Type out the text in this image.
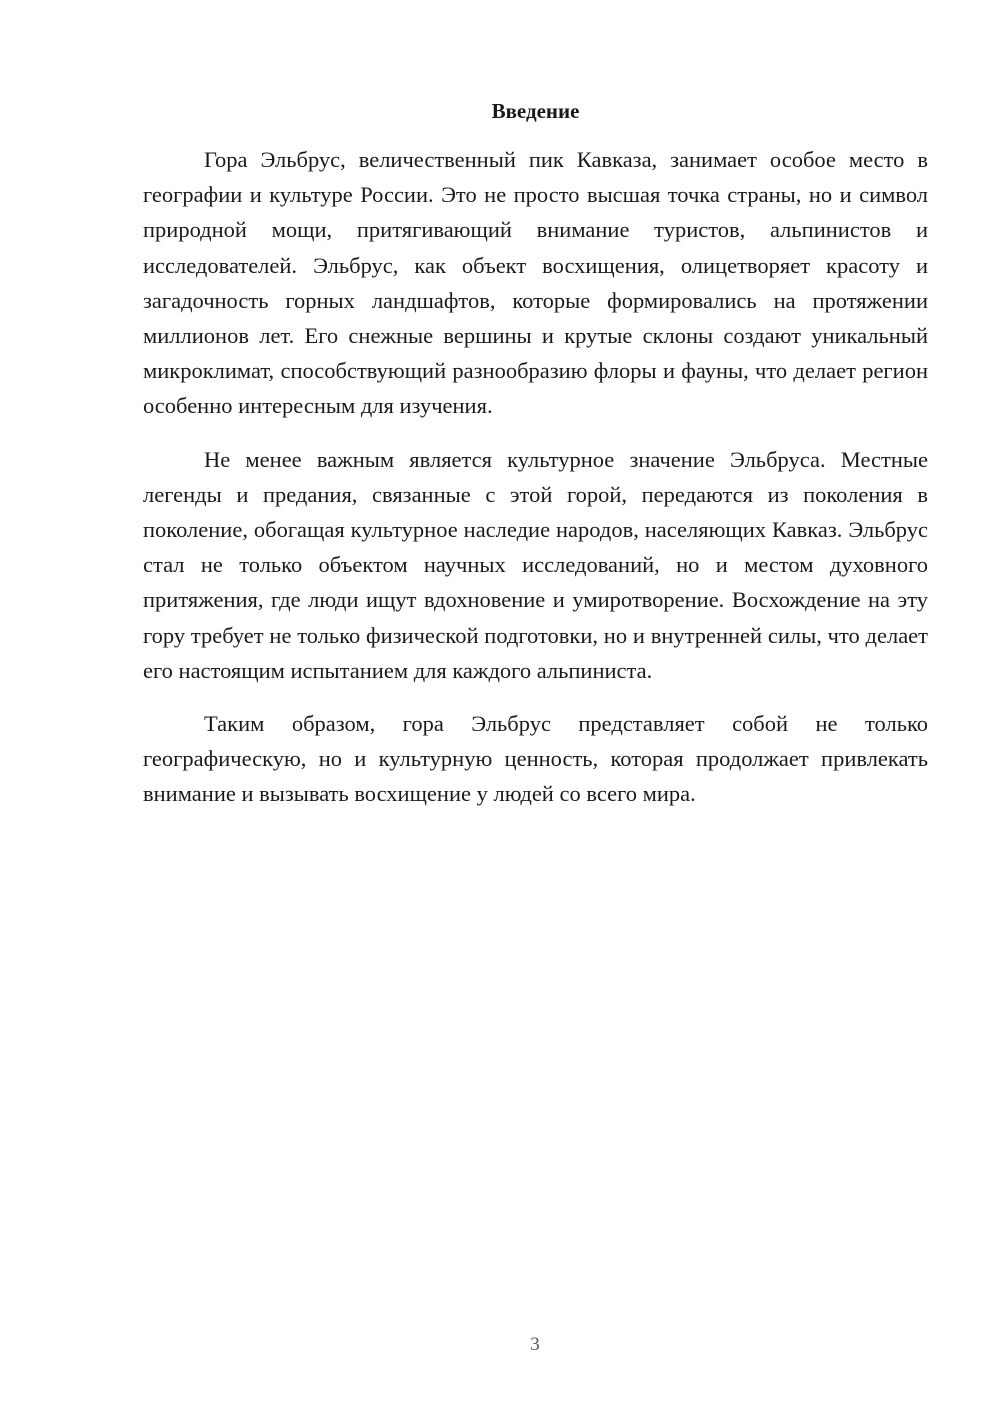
Введение

Гора Эльбрус, величественный пик Кавказа, занимает особое место в географии и культуре России. Это не просто высшая точка страны, но и символ природной мощи, притягивающий внимание туристов, альпинистов и исследователей. Эльбрус, как объект восхищения, олицетворяет красоту и загадочность горных ландшафтов, которые формировались на протяжении миллионов лет. Его снежные вершины и крутые склоны создают уникальный микроклимат, способствующий разнообразию флоры и фауны, что делает регион особенно интересным для изучения.

Не менее важным является культурное значение Эльбруса. Местные легенды и предания, связанные с этой горой, передаются из поколения в поколение, обогащая культурное наследие народов, населяющих Кавказ. Эльбрус стал не только объектом научных исследований, но и местом духовного притяжения, где люди ищут вдохновение и умиротворение. Восхождение на эту гору требует не только физической подготовки, но и внутренней силы, что делает его настоящим испытанием для каждого альпиниста.

Таким образом, гора Эльбрус представляет собой не только географическую, но и культурную ценность, которая продолжает привлекать внимание и вызывать восхищение у людей со всего мира.

3
